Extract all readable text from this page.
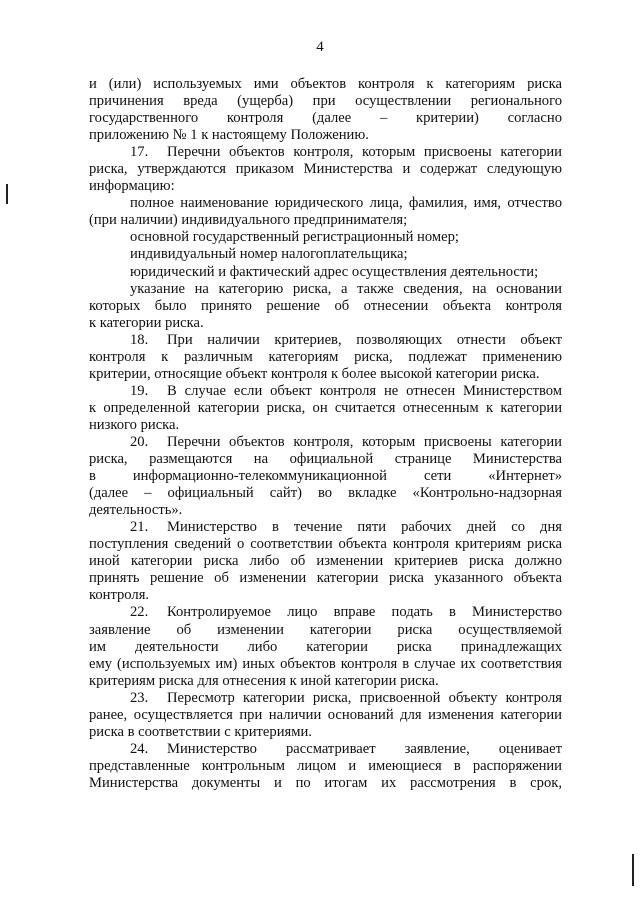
4
и (или) используемых ими объектов контроля к категориям риска
причинения вреда (ущерба) при осуществлении регионального
государственного контроля (далее – критерии) согласно
приложению № 1 к настоящему Положению.
17. Перечни объектов контроля, которым присвоены категории
риска, утверждаются приказом Министерства и содержат следующую
информацию:
полное наименование юридического лица, фамилия, имя, отчество
(при наличии) индивидуального предпринимателя;
основной государственный регистрационный номер;
индивидуальный номер налогоплательщика;
юридический и фактический адрес осуществления деятельности;
указание на категорию риска, а также сведения, на основании
которых было принято решение об отнесении объекта контроля
к категории риска.
18. При наличии критериев, позволяющих отнести объект
контроля к различным категориям риска, подлежат применению
критерии, относящие объект контроля к более высокой категории риска.
19. В случае если объект контроля не отнесен Министерством
к определенной категории риска, он считается отнесенным к категории
низкого риска.
20. Перечни объектов контроля, которым присвоены категории
риска, размещаются на официальной странице Министерства
в информационно-телекоммуникационной сети «Интернет»
(далее – официальный сайт) во вкладке «Контрольно-надзорная
деятельность».
21. Министерство в течение пяти рабочих дней со дня
поступления сведений о соответствии объекта контроля критериям риска
иной категории риска либо об изменении критериев риска должно
принять решение об изменении категории риска указанного объекта
контроля.
22. Контролируемое лицо вправе подать в Министерство
заявление об изменении категории риска осуществляемой
им деятельности либо категории риска принадлежащих
ему (используемых им) иных объектов контроля в случае их соответствия
критериям риска для отнесения к иной категории риска.
23. Пересмотр категории риска, присвоенной объекту контроля
ранее, осуществляется при наличии оснований для изменения категории
риска в соответствии с критериями.
24. Министерство рассматривает заявление, оценивает
представленные контрольным лицом и имеющиеся в распоряжении
Министерства документы и по итогам их рассмотрения в срок,
